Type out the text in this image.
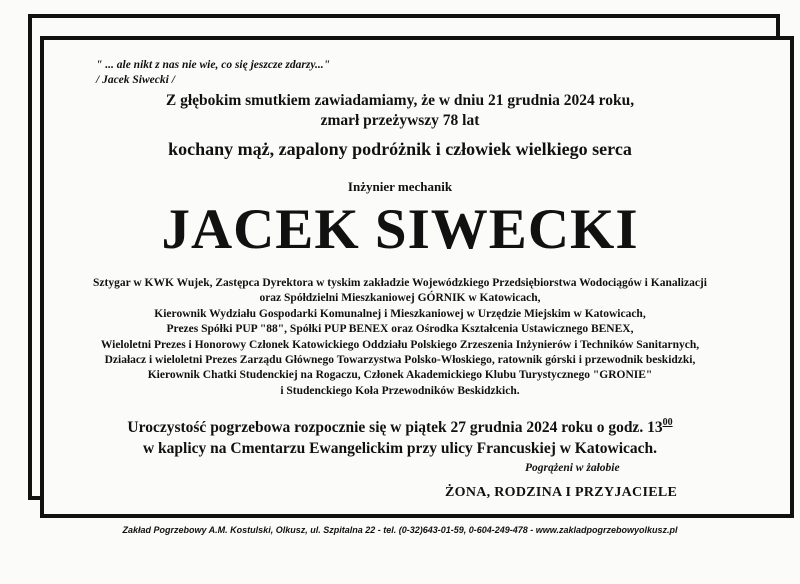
" ... ale nikt z nas nie wie, co się jeszcze zdarzy..."
/ Jacek Siwecki /
Z głębokim smutkiem zawiadamiamy, że w dniu 21 grudnia 2024 roku,
zmarł przeżywszy 78 lat
kochany mąż, zapalony podróżnik i człowiek wielkiego serca
Inżynier mechanik
JACEK SIWECKI
Sztygar w KWK Wujek, Zastępca Dyrektora w tyskim zakładzie Wojewódzkiego Przedsiębiorstwa Wodociągów i Kanalizacji
oraz Spółdzielni Mieszkaniowej GÓRNIK w Katowicach,
Kierownik Wydziału Gospodarki Komunalnej i Mieszkaniowej w Urzędzie Miejskim w Katowicach,
Prezes Spółki PUP "88", Spółki PUP BENEX oraz Ośrodka Kształcenia Ustawicznego BENEX,
Wieloletni Prezes i Honorowy Członek Katowickiego Oddziału Polskiego Zrzeszenia Inżynierów i Techników Sanitarnych,
Działacz i wieloletni Prezes Zarządu Głównego Towarzystwa Polsko-Włoskiego, ratownik górski i przewodnik beskidzki,
Kierownik Chatki Studenckiej na Rogaczu, Członek Akademickiego Klubu Turystycznego "GRONIE"
i Studenckiego Koła Przewodników Beskidzkich.
Uroczystość pogrzebowa rozpocznie się w piątek 27 grudnia 2024 roku o godz. $13^{00}$
w kaplicy na Cmentarzu Ewangelickim przy ulicy Francuskiej w Katowicach.
Pogrążeni w żałobie
ŻONA, RODZINA I PRZYJACIELE
Zakład Pogrzebowy A.M. Kostulski, Olkusz, ul. Szpitalna 22 - tel. (0-32)643-01-59, 0-604-249-478 - www.zakladpogrzebowyolkusz.pl
